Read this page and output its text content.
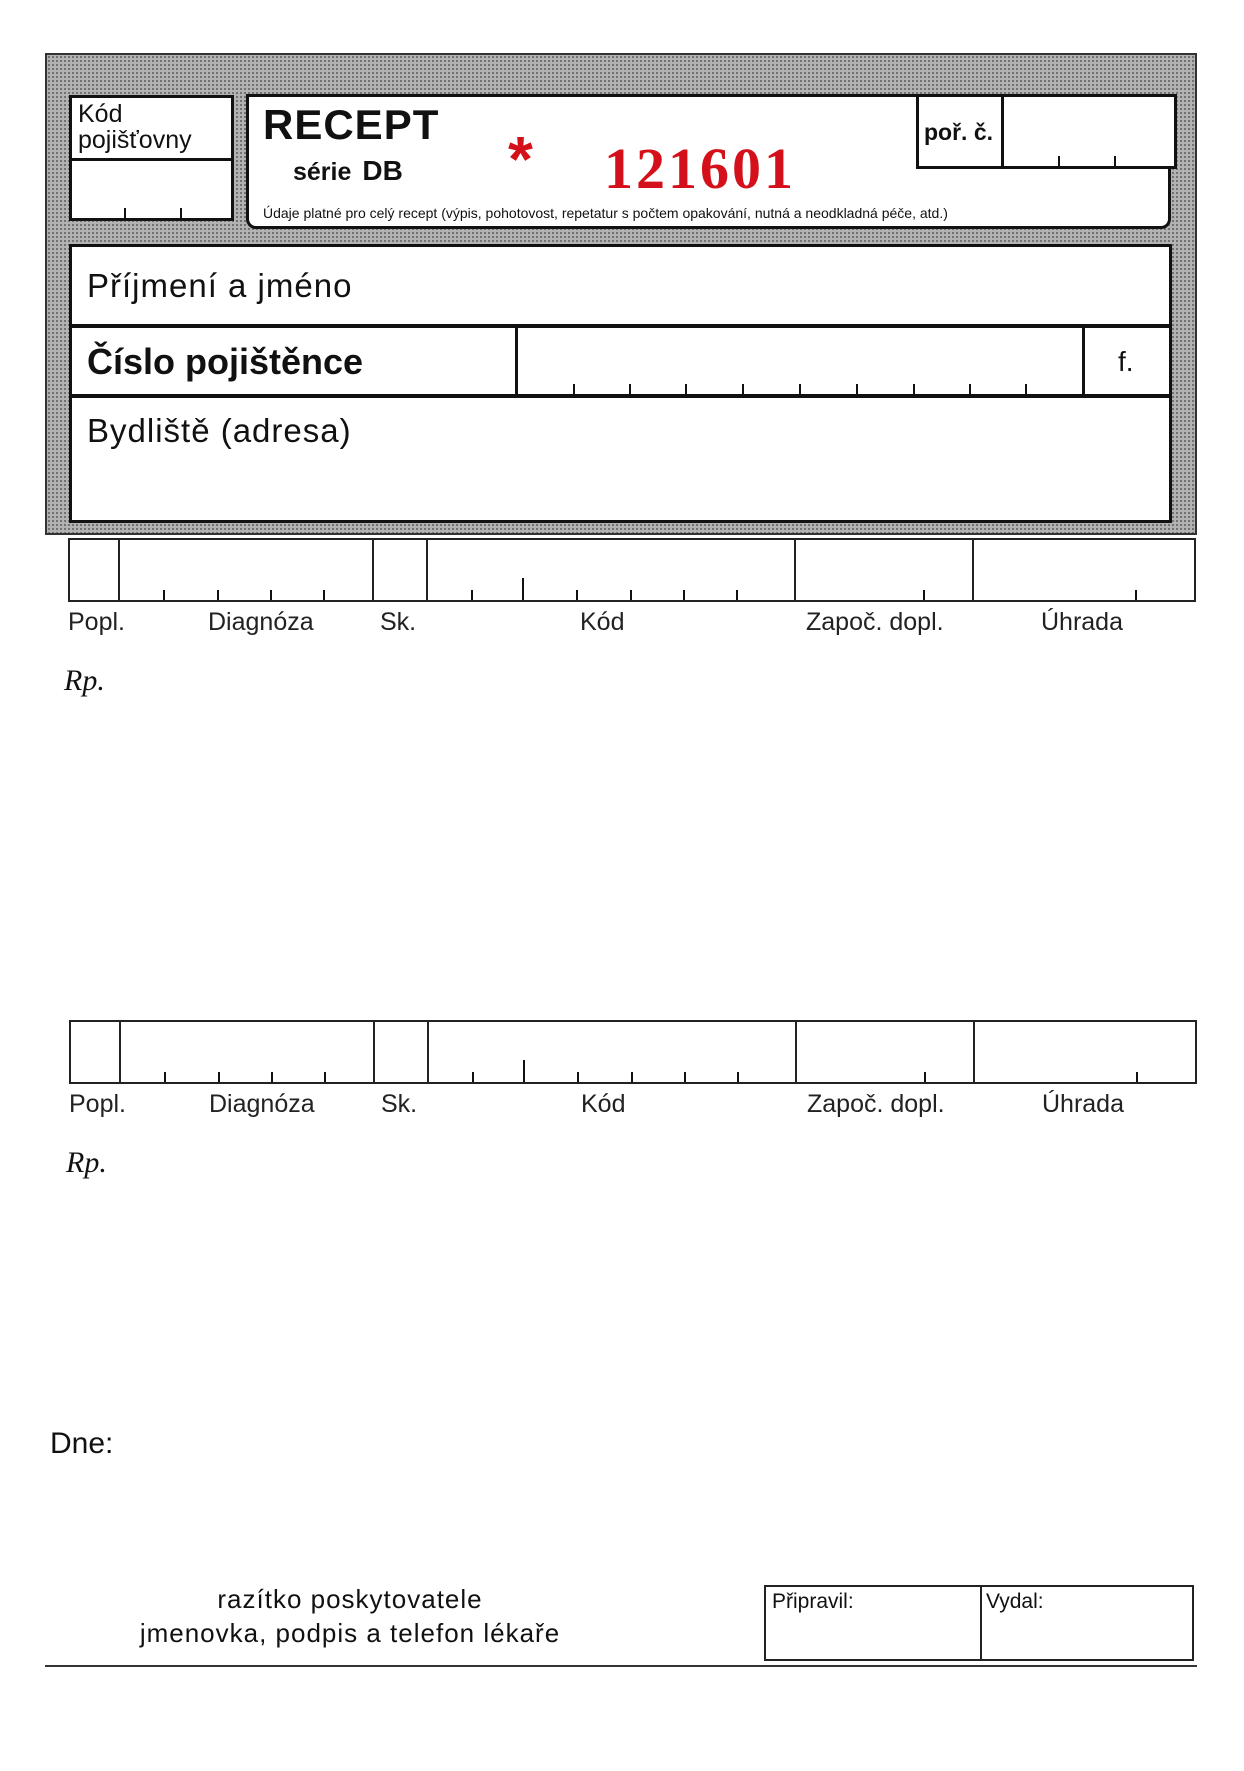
Kód
pojišťovny RECEPT
série DB * 121601
Údaje platné pro celý recept (výpis, pohotovost, repetatur s počtem opakování, nutná a neodkladná péče, atd.)
poř. č.
Příjmení a jméno
Číslo pojištěnce	f.
Bydliště (adresa)
Popl.	Diagnóza	Sk.	Kód	Započ. dopl.	Úhrada
Rp.
Popl.	Diagnóza	Sk.	Kód	Započ. dopl.	Úhrada
Rp.
Dne:
razítko poskytovatele
jmenovka, podpis a telefon lékaře
Připravil:	Vydal:
